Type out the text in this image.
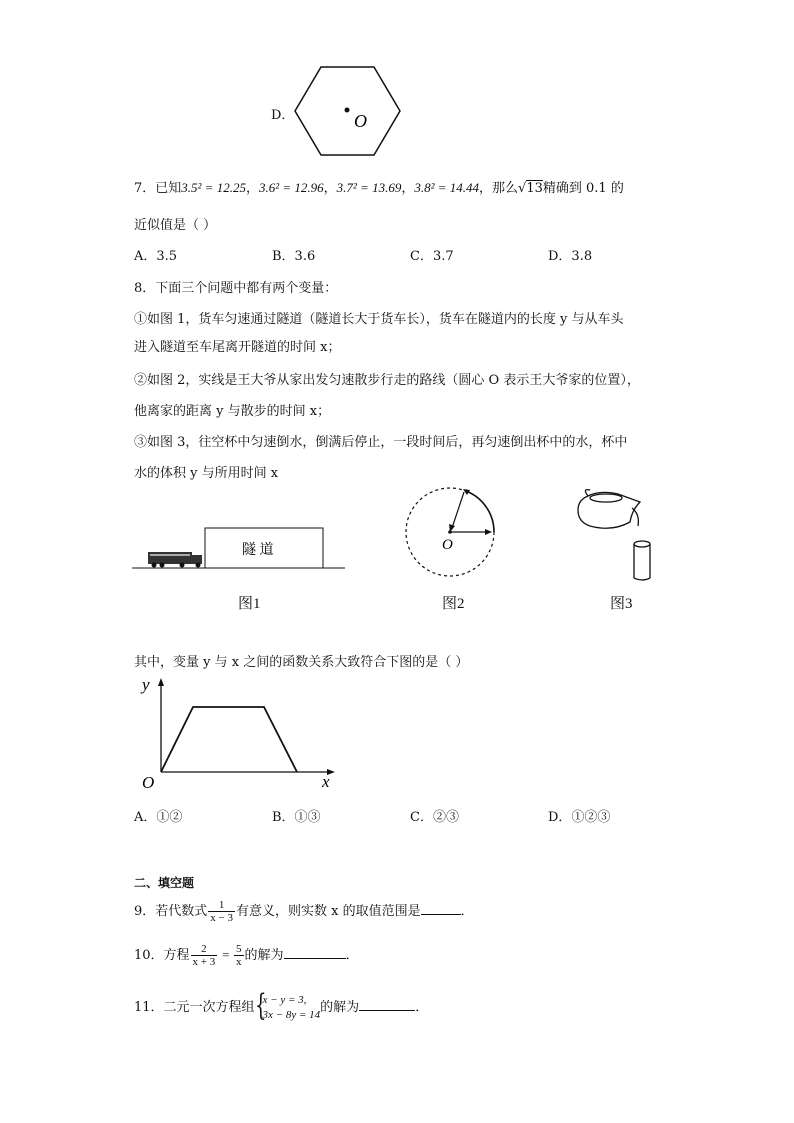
D．	O
7．已知3.5² = 12.25，3.6² = 12.96，3.7² = 13.69，3.8² = 14.44，那么√13精确到 0.1 的
近似值是（ ）
A．3.5	B．3.6	C．3.7	D．3.8
8．下面三个问题中都有两个变量：
①如图 1，货车匀速通过隧道（隧道长大于货车长），货车在隧道内的长度 y 与从车头
进入隧道至车尾离开隧道的时间 x；
②如图 2，实线是王大爷从家出发匀速散步行走的路线（圆心 O 表示王大爷家的位置），
他离家的距离 y 与散步的时间 x；
③如图 3，往空杯中匀速倒水，倒满后停止，一段时间后，再匀速倒出杯中的水，杯中
水的体积 y 与所用时间 x
隧 道
图1
O
图2	图3
其中，变量 y 与 x 之间的函数关系大致符合下图的是（ ）
y
x
O
A．①②	B．①③	C．②③	D．①②③
二、填空题
9．若代数式 $\frac{1}{x - 3}$ 有意义，则实数 x 的取值范围是	．
10．方程 $\frac{2}{x + 3} = \frac{5}{x}$ 的解为	．
11．二元一次方程组 {
x − y = 3,
3x − 8y = 14 的解为	．
